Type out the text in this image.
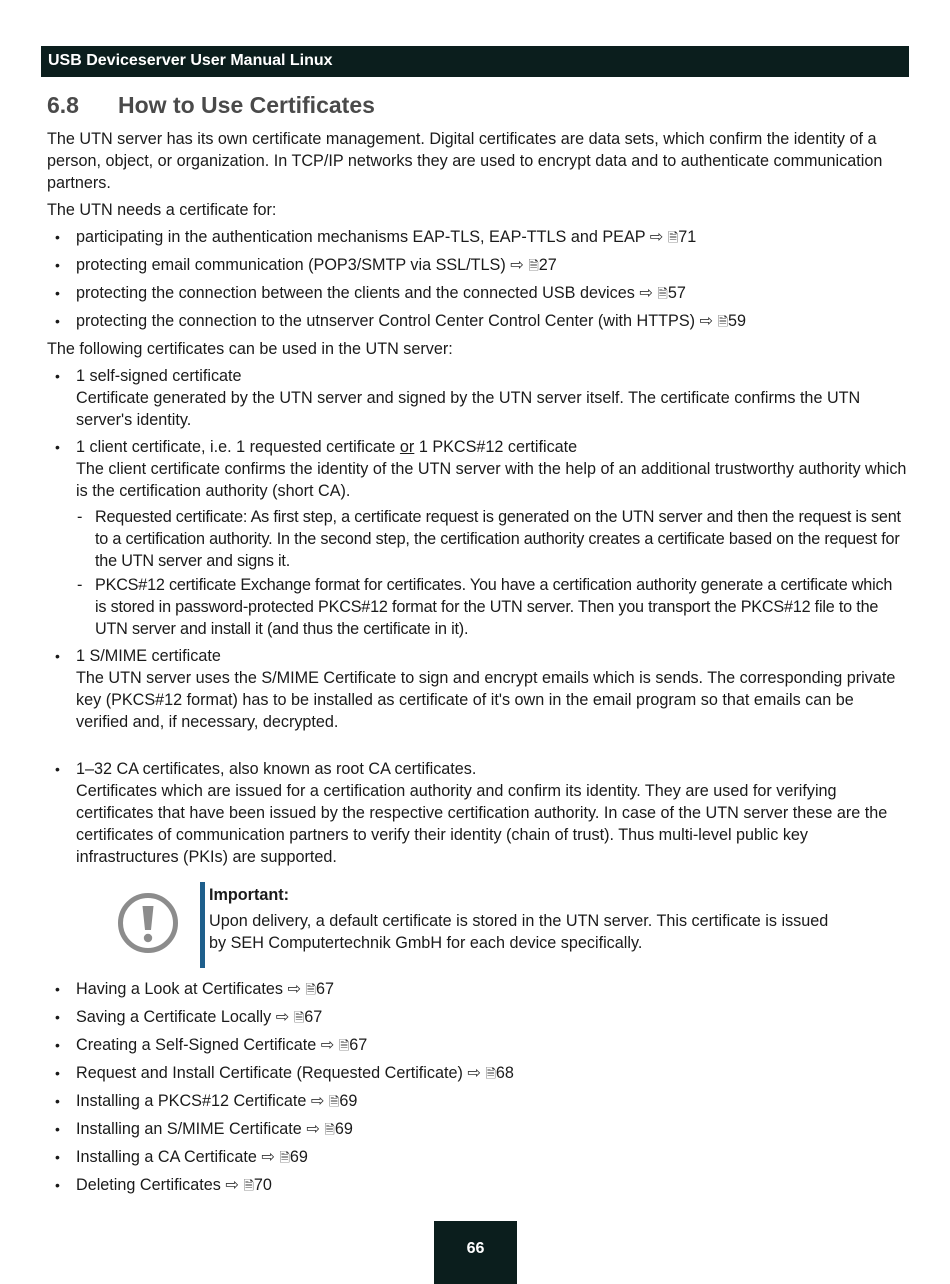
USB Deviceserver User Manual Linux
6.8 How to Use Certificates

The UTN server has its own certificate management. Digital certificates are data sets, which confirm the identity of a person, object, or organization. In TCP/IP networks they are used to encrypt data and to authenticate communication partners.

The UTN needs a certificate for:

• participating in the authentication mechanisms EAP-TLS, EAP-TTLS and PEAP ⇨ 🗎71
• protecting email communication (POP3/SMTP via SSL/TLS) ⇨ 🗎27
• protecting the connection between the clients and the connected USB devices ⇨ 🗎57
• protecting the connection to the utnserver Control Center Control Center (with HTTPS) ⇨ 🗎59

The following certificates can be used in the UTN server:

• 1 self-signed certificate

Certificate generated by the UTN server and signed by the UTN server itself. The certificate confirms the UTN server's identity.

• 1 client certificate, i.e. 1 requested certificate or 1 PKCS#12 certificate

The client certificate confirms the identity of the UTN server with the help of an additional trustworthy authority which is the certification authority (short CA).

- Requested certificate: As first step, a certificate request is generated on the UTN server and then the request is sent to a certification authority. In the second step, the certification authority creates a certificate based on the request for the UTN server and signs it.
- PKCS#12 certificate Exchange format for certificates. You have a certification authority generate a certificate which is stored in password-protected PKCS#12 format for the UTN server. Then you transport the PKCS#12 file to the UTN server and install it (and thus the certificate in it).

• 1 S/MIME certificate

The UTN server uses the S/MIME Certificate to sign and encrypt emails which is sends. The corresponding private key (PKCS#12 format) has to be installed as certificate of it's own in the email program so that emails can be verified and, if necessary, decrypted.

• 1–32 CA certificates, also known as root CA certificates.

Certificates which are issued for a certification authority and confirm its identity. They are used for verifying certificates that have been issued by the respective certification authority. In case of the UTN server these are the certificates of communication partners to verify their identity (chain of trust). Thus multi-level public key infrastructures (PKIs) are supported.

Important:

Upon delivery, a default certificate is stored in the UTN server. This certificate is issued by SEH Computertechnik GmbH for each device specifically.

• Having a Look at Certificates ⇨ 🗎67
• Saving a Certificate Locally ⇨ 🗎67
• Creating a Self-Signed Certificate ⇨ 🗎67
• Request and Install Certificate (Requested Certificate) ⇨ 🗎68
• Installing a PKCS#12 Certificate ⇨ 🗎69
• Installing an S/MIME Certificate ⇨ 🗎69
• Installing a CA Certificate ⇨ 🗎69
• Deleting Certificates ⇨ 🗎70
66
